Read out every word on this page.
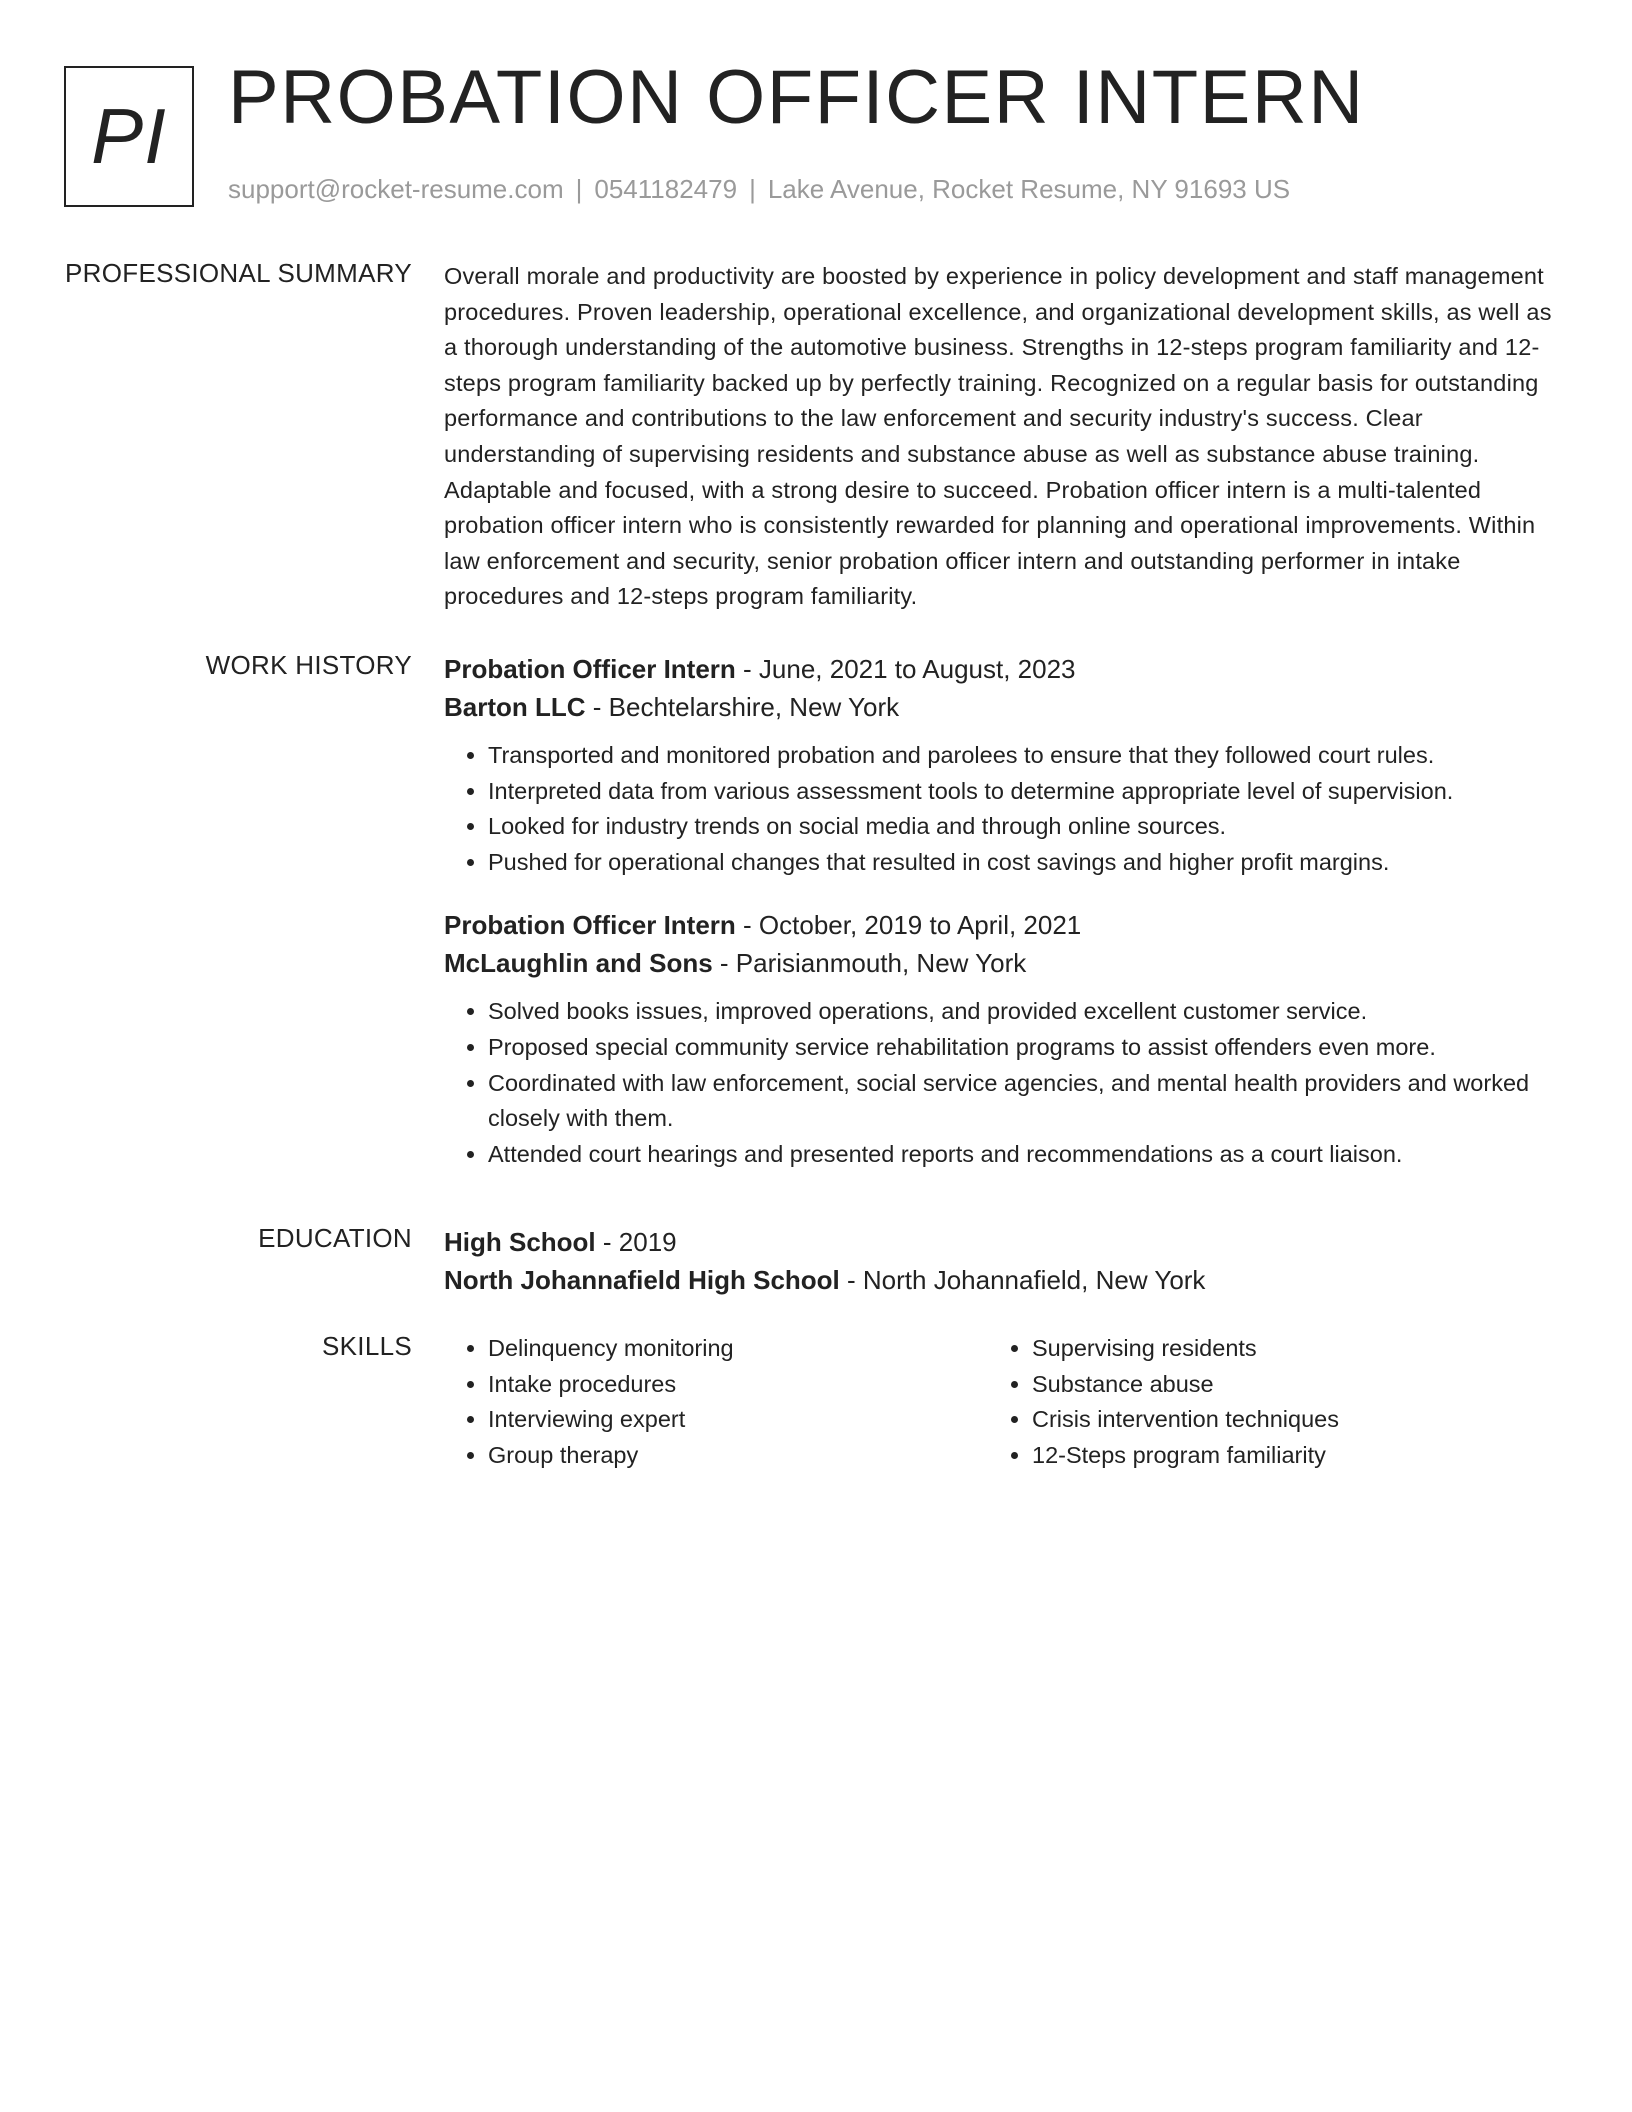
PI PROBATION OFFICER INTERN
support@rocket-resume.com | 0541182479 | Lake Avenue, Rocket Resume, NY 91693 US
PROFESSIONAL SUMMARY Overall morale and productivity are boosted by experience in policy development and staff management procedures. Proven leadership, operational excellence, and organizational development skills, as well as a thorough understanding of the automotive business. Strengths in 12-steps program familiarity and 12-steps program familiarity backed up by perfectly training. Recognized on a regular basis for outstanding performance and contributions to the law enforcement and security industry's success. Clear understanding of supervising residents and substance abuse as well as substance abuse training. Adaptable and focused, with a strong desire to succeed. Probation officer intern is a multi-talented probation officer intern who is consistently rewarded for planning and operational improvements. Within law enforcement and security, senior probation officer intern and outstanding performer in intake procedures and 12-steps program familiarity.

WORK HISTORY Probation Officer Intern - June, 2021 to August, 2023
Barton LLC - Bechtelarshire, New York
• Transported and monitored probation and parolees to ensure that they followed court rules.
• Interpreted data from various assessment tools to determine appropriate level of supervision.
• Looked for industry trends on social media and through online sources.
• Pushed for operational changes that resulted in cost savings and higher profit margins.
Probation Officer Intern - October, 2019 to April, 2021
McLaughlin and Sons - Parisianmouth, New York
• Solved books issues, improved operations, and provided excellent customer service.
• Proposed special community service rehabilitation programs to assist offenders even more.
• Coordinated with law enforcement, social service agencies, and mental health providers and worked closely with them.
• Attended court hearings and presented reports and recommendations as a court liaison.
EDUCATION High School - 2019
North Johannafield High School - North Johannafield, New York
SKILLS
•	Delinquency monitoring
• Intake procedures
• Interviewing expert
• Group therapy
• Supervising residents
• Substance abuse
• Crisis intervention techniques
• 12-Steps program familiarity
